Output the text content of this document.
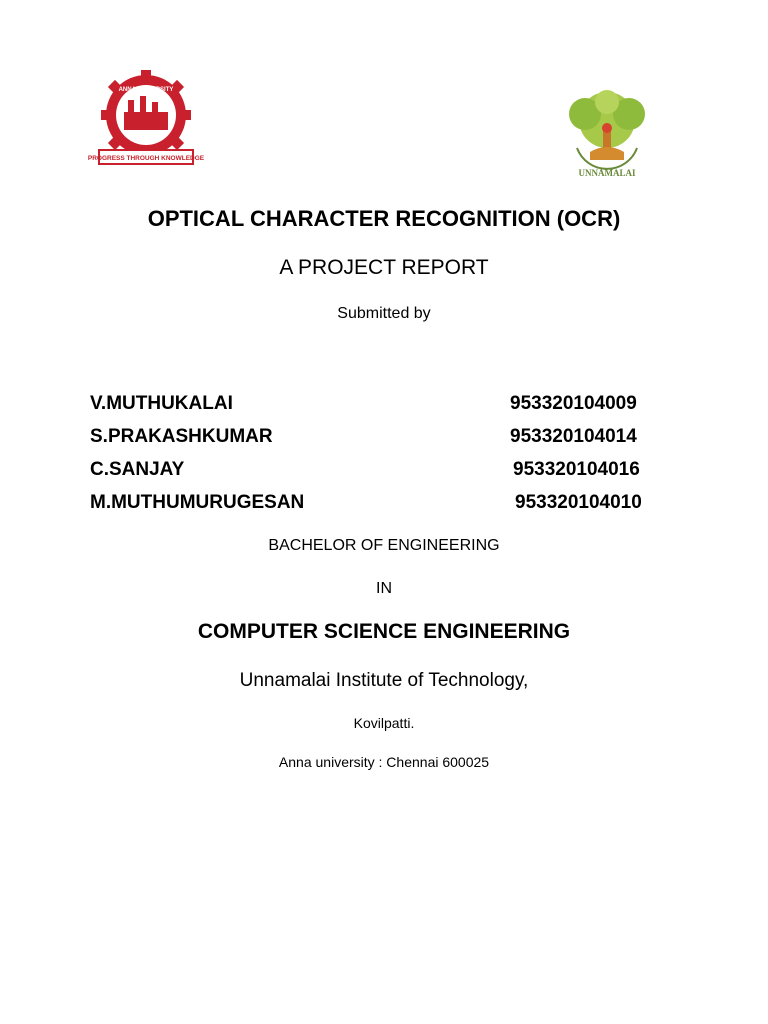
PROGRESS THROUGH KNOWLEDGE
ANNA UNIVERSITY
UNNAMALAI
OPTICAL CHARACTER RECOGNITION (OCR)
A PROJECT REPORT
Submitted by
V.MUTHUKALAI	953320104009
S.PRAKASHKUMAR	953320104014
C.SANJAY	953320104016
M.MUTHUMURUGESAN	953320104010
BACHELOR OF ENGINEERING
IN
COMPUTER SCIENCE ENGINEERING
Unnamalai Institute of Technology,
Kovilpatti.
Anna university : Chennai 600025
